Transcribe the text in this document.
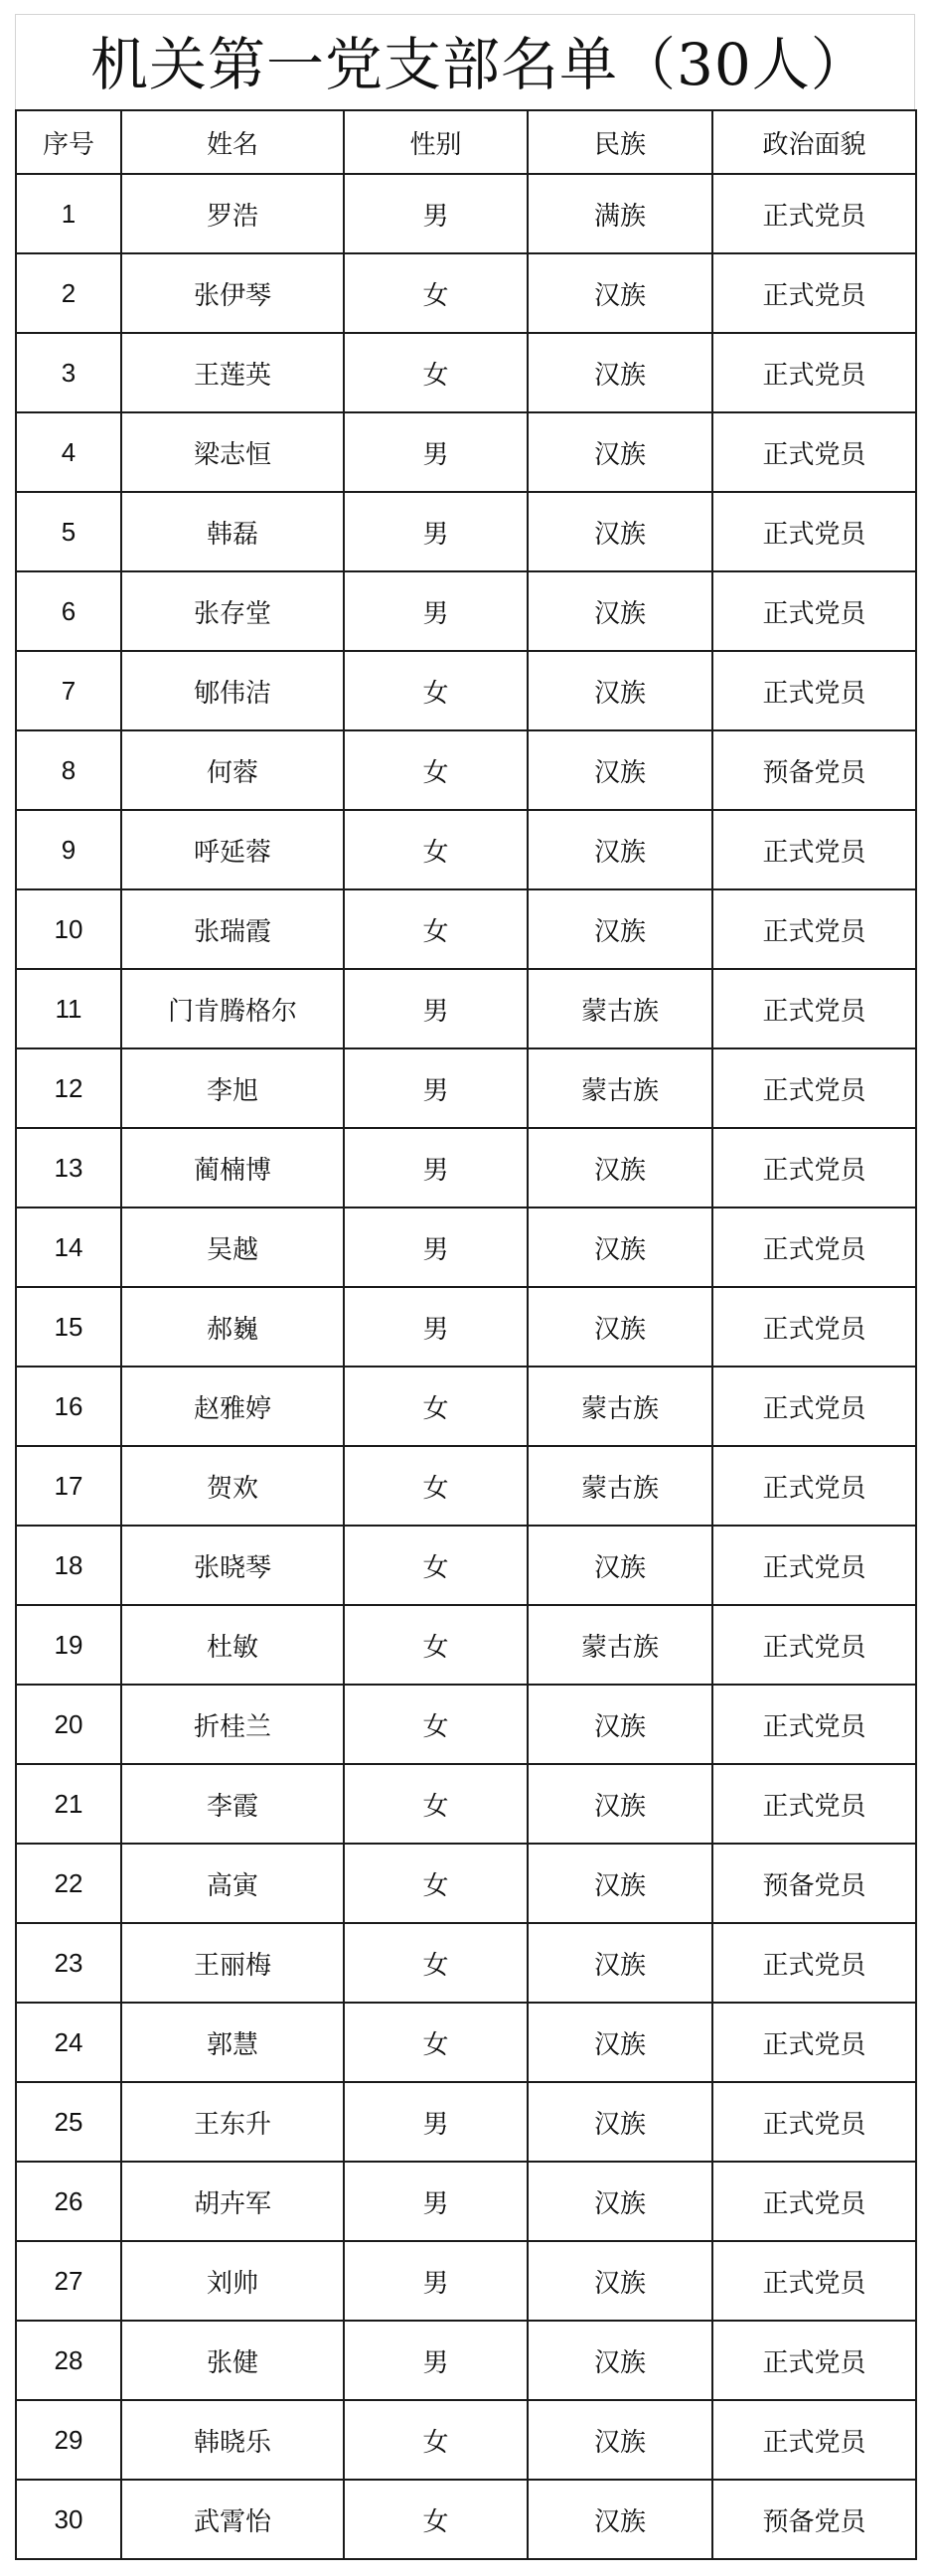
机关第一党支部名单（30人）
序号	姓名	性别	民族	政治面貌
1	罗浩	男	满族	正式党员
2	张伊琴	女	汉族	正式党员
3	王莲英	女	汉族	正式党员
4	梁志恒	男	汉族	正式党员
5	韩磊	男	汉族	正式党员
6	张存堂	男	汉族	正式党员
7	郇伟洁	女	汉族	正式党员
8	何蓉	女	汉族	预备党员
9	呼延蓉	女	汉族	正式党员
10	张瑞霞	女	汉族	正式党员
11	门肯腾格尔	男	蒙古族	正式党员
12	李旭	男	蒙古族	正式党员
13	蔺楠博	男	汉族	正式党员
14	吴越	男	汉族	正式党员
15	郝巍	男	汉族	正式党员
16	赵雅婷	女	蒙古族	正式党员
17	贺欢	女	蒙古族	正式党员
18	张晓琴	女	汉族	正式党员
19	杜敏	女	蒙古族	正式党员
20	折桂兰	女	汉族	正式党员
21	李霞	女	汉族	正式党员
22	高寅	女	汉族	预备党员
23	王丽梅	女	汉族	正式党员
24	郭慧	女	汉族	正式党员
25	王东升	男	汉族	正式党员
26	胡卉军	男	汉族	正式党员
27	刘帅	男	汉族	正式党员
28	张健	男	汉族	正式党员
29	韩晓乐	女	汉族	正式党员
30	武霄怡	女	汉族	预备党员
